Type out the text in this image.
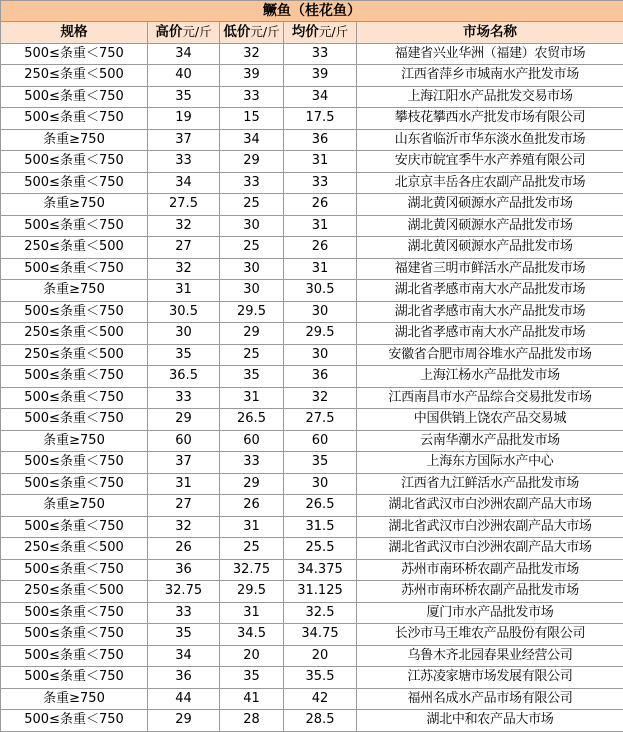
鳜鱼（桂花鱼）				
规格	高价元/斤	低价元/斤	均价元/斤	市场名称
500≤条重＜750	34	32	33	福建省兴业华洲（福建）农贸市场
250≤条重＜500	40	39	39	江西省萍乡市城南水产批发市场
500≤条重＜750	35	33	34	上海江阳水产品批发交易市场
500≤条重＜750	19	15	17.5	攀枝花攀西水产批发市场有限公司
条重≥750	37	34	36	山东省临沂市华东淡水鱼批发市场
500≤条重＜750	33	29	31	安庆市皖宜季牛水产养殖有限公司
500≤条重＜750	34	33	33	北京京丰岳各庄农副产品批发市场
条重≥750	27.5	25	26	湖北黄冈硕源水产品批发市场
500≤条重＜750	32	30	31	湖北黄冈硕源水产品批发市场
250≤条重＜500	27	25	26	湖北黄冈硕源水产品批发市场
500≤条重＜750	32	30	31	福建省三明市鲜活水产品批发市场
条重≥750	31	30	30.5	湖北省孝感市南大水产品批发市场
500≤条重＜750	30.5	29.5	30	湖北省孝感市南大水产品批发市场
250≤条重＜500	30	29	29.5	湖北省孝感市南大水产品批发市场
250≤条重＜500	35	25	30	安徽省合肥市周谷堆水产品批发市场
500≤条重＜750	36.5	35	36	上海江杨水产品批发市场
500≤条重＜750	33	31	32	江西南昌市水产品综合交易批发市场
500≤条重＜750	29	26.5	27.5	中国供销上饶农产品交易城
条重≥750	60	60	60	云南华潮水产品批发市场
500≤条重＜750	37	33	35	上海东方国际水产中心
500≤条重＜750	31	29	30	江西省九江鲜活水产品批发市场
条重≥750	27	26	26.5	湖北省武汉市白沙洲农副产品大市场
500≤条重＜750	32	31	31.5	湖北省武汉市白沙洲农副产品大市场
250≤条重＜500	26	25	25.5	湖北省武汉市白沙洲农副产品大市场
500≤条重＜750	36	32.75	34.375	苏州市南环桥农副产品批发市场
250≤条重＜500	32.75	29.5	31.125	苏州市南环桥农副产品批发市场
500≤条重＜750	33	31	32.5	厦门市水产品批发市场
500≤条重＜750	35	34.5	34.75	长沙市马王堆农产品股份有限公司
500≤条重＜750	34	20	20	乌鲁木齐北园春果业经营公司
500≤条重＜750	36	35	35.5	江苏凌家塘市场发展有限公司
条重≥750	44	41	42	福州名成水产品市场有限公司
500≤条重＜750	29	28	28.5	湖北中和农产品大市场
